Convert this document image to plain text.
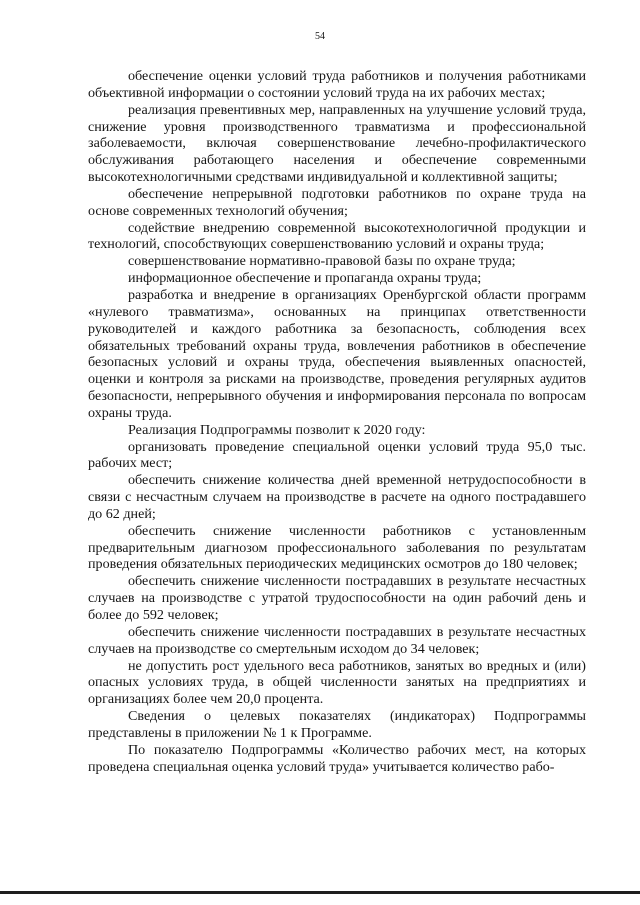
54

обеспечение оценки условий труда работников и получения работниками объективной информации о состоянии условий труда на их рабочих местах;

реализация превентивных мер, направленных на улучшение условий труда, снижение уровня производственного травматизма и профессиональной заболеваемости, включая совершенствование лечебно-профилактического обслуживания работающего населения и обеспечение современными высокотехнологичными средствами индивидуальной и коллективной защиты;

обеспечение непрерывной подготовки работников по охране труда на основе современных технологий обучения;

содействие внедрению современной высокотехнологичной продукции и технологий, способствующих совершенствованию условий и охраны труда;

совершенствование нормативно-правовой базы по охране труда;

информационное обеспечение и пропаганда охраны труда;

разработка и внедрение в организациях Оренбургской области программ «нулевого травматизма», основанных на принципах ответственности руководителей и каждого работника за безопасность, соблюдения всех обязательных требований охраны труда, вовлечения работников в обеспечение безопасных условий и охраны труда, обеспечения выявленных опасностей, оценки и контроля за рисками на производстве, проведения регулярных аудитов безопасности, непрерывного обучения и информирования персонала по вопросам охраны труда.

Реализация Подпрограммы позволит к 2020 году:

организовать проведение специальной оценки условий труда 95,0 тыс. рабочих мест;

обеспечить снижение количества дней временной нетрудоспособности в связи с несчастным случаем на производстве в расчете на одного пострадавшего до 62 дней;

обеспечить снижение численности работников с установленным предварительным диагнозом профессионального заболевания по результатам проведения обязательных периодических медицинских осмотров до 180 человек;

обеспечить снижение численности пострадавших в результате несчастных случаев на производстве с утратой трудоспособности на один рабочий день и более до 592 человек;

обеспечить снижение численности пострадавших в результате несчастных случаев на производстве со смертельным исходом до 34 человек;

не допустить рост удельного веса работников, занятых во вредных и (или) опасных условиях труда, в общей численности занятых на предприятиях и организациях более чем 20,0 процента.

Сведения о целевых показателях (индикаторах) Подпрограммы представлены в приложении № 1 к Программе.

По показателю Подпрограммы «Количество рабочих мест, на которых проведена специальная оценка условий труда» учитывается количество рабо-
